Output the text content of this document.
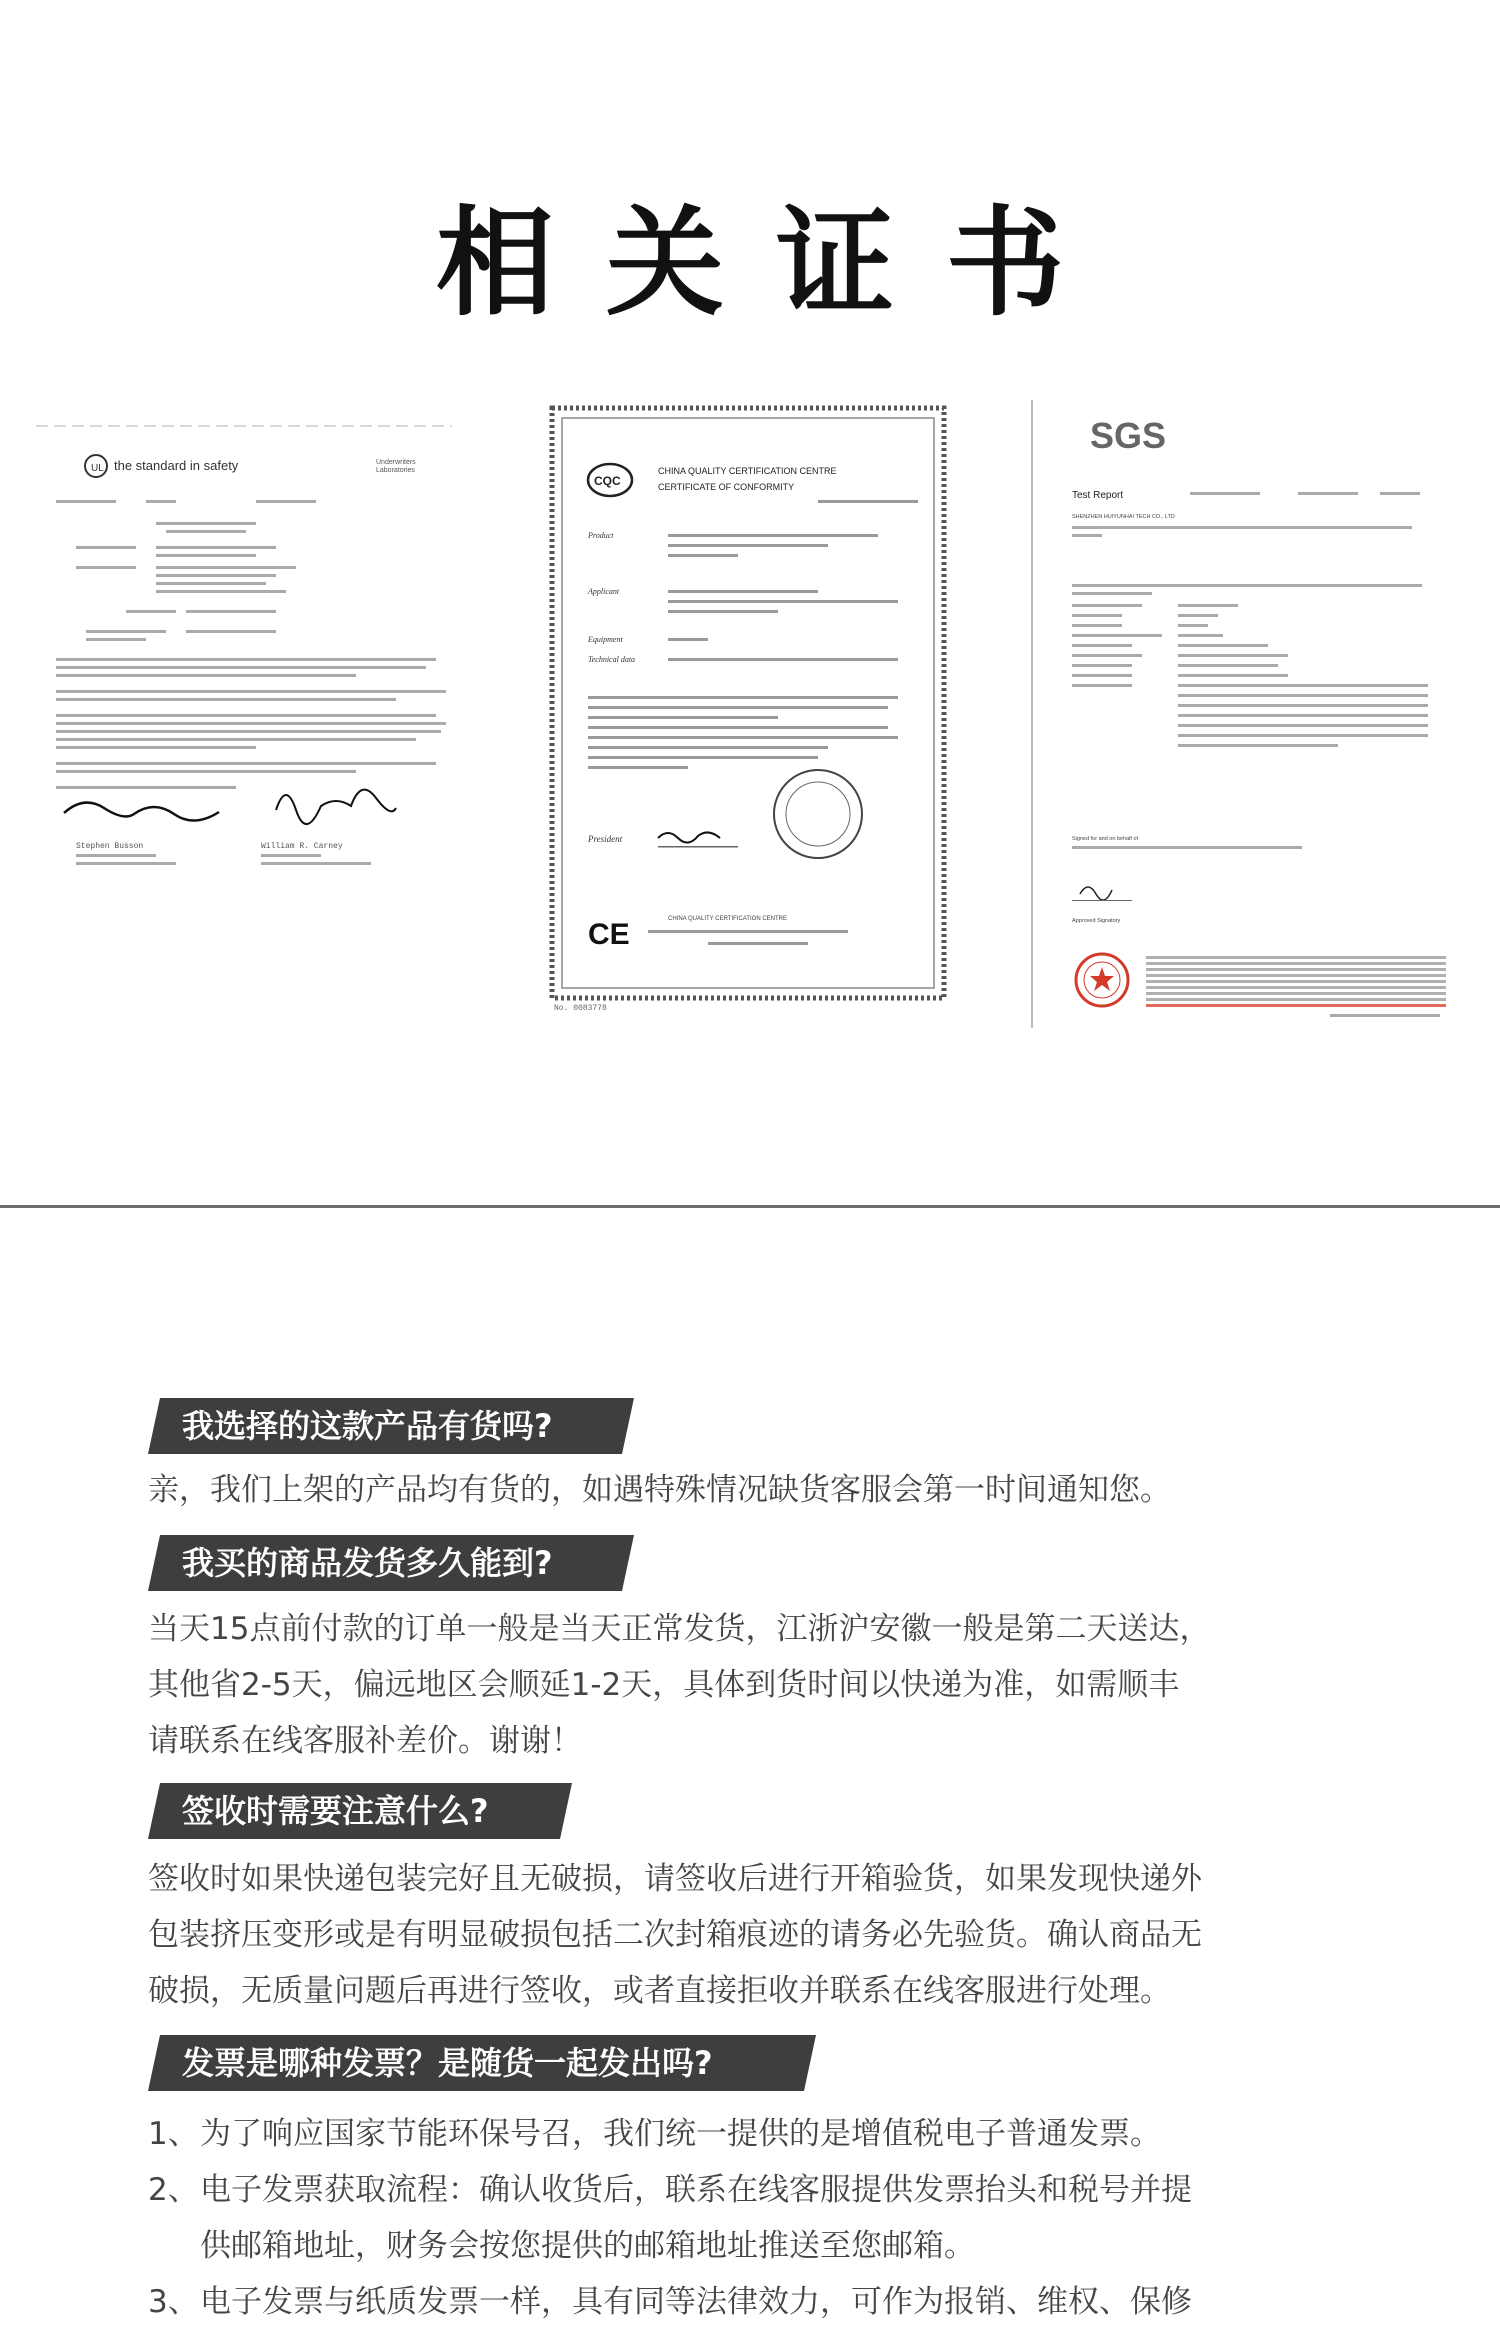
相关证书
UL the standard in safety	Underwriters
Laboratories
Stephen Busson	William R. Carney
CQC
CHINA QUALITY CERTIFICATION CENTRE
CERTIFICATE OF CONFORMITY
Product
Applicant
Equipment
Technical data
President
CE	CHINA QUALITY CERTIFICATION CENTRE
No. 0083778
SGS
Test Report
SHENZHEN HUIYUNHAI TECH CO., LTD
Signed for and on behalf of
Approved Signatory
我选择的这款产品有货吗?

亲，我们上架的产品均有货的，如遇特殊情况缺货客服会第一时间通知您。

我买的商品发货多久能到?

当天15点前付款的订单一般是当天正常发货，江浙沪安徽一般是第二天送达，

其他省2-5天，偏远地区会顺延1-2天，具体到货时间以快递为准，如需顺丰

请联系在线客服补差价。谢谢！

签收时需要注意什么?

签收时如果快递包装完好且无破损，请签收后进行开箱验货，如果发现快递外

包装挤压变形或是有明显破损包括二次封箱痕迹的请务必先验货。确认商品无

破损，无质量问题后再进行签收，或者直接拒收并联系在线客服进行处理。

发票是哪种发票？是随货一起发出吗?
1、 为了响应国家节能环保号召，我们统一提供的是增值税电子普通发票。

2、 电子发票获取流程：确认收货后，联系在线客服提供发票抬头和税号并提

供邮箱地址，财务会按您提供的邮箱地址推送至您邮箱。

3、 电子发票与纸质发票一样，具有同等法律效力，可作为报销、维权、保修
